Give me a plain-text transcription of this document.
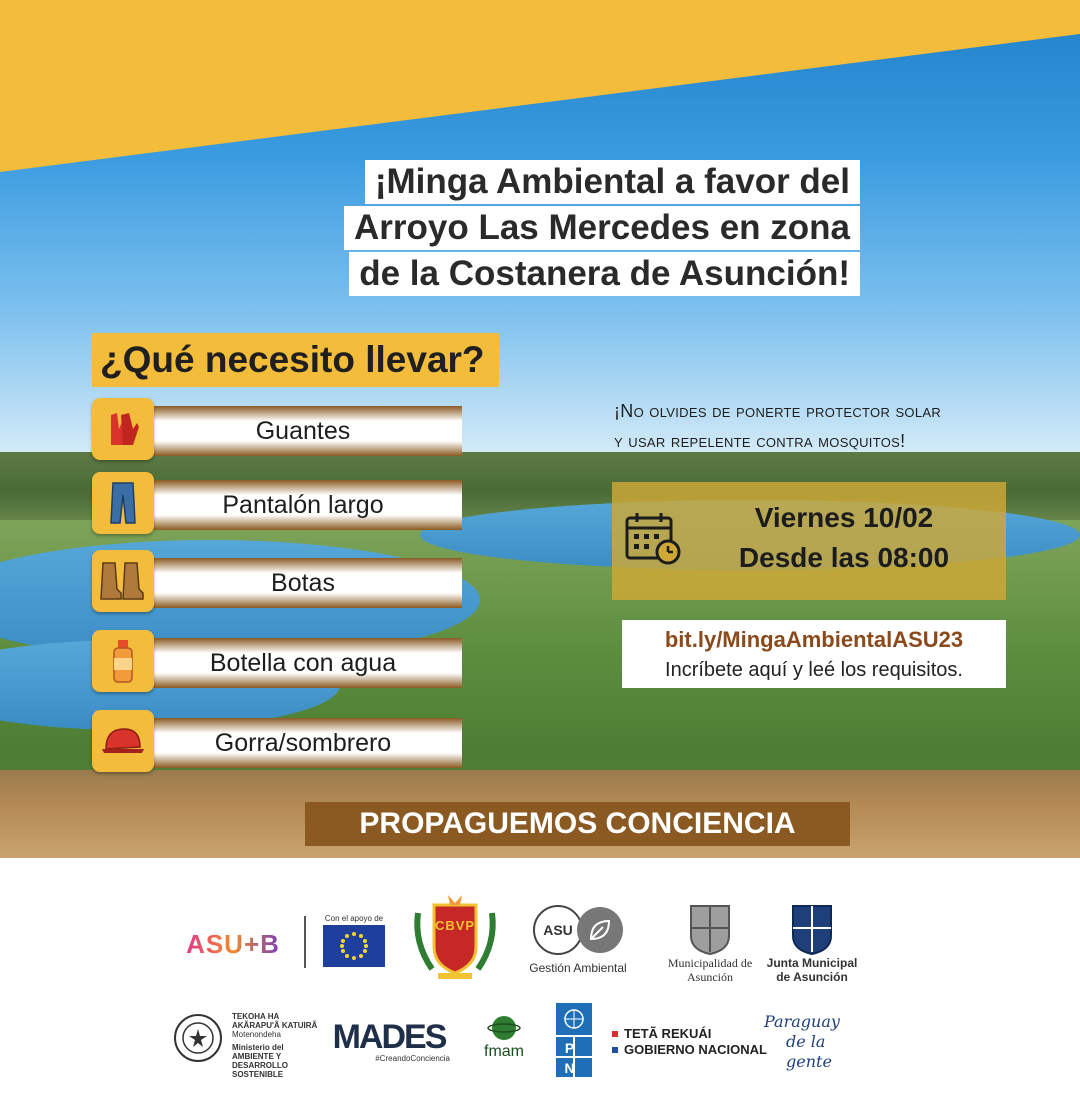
¡Minga Ambiental a favor del
Arroyo Las Mercedes en zona
de la Costanera de Asunción!
¿Qué necesito llevar?
Guantes
Pantalón largo
Botas
Botella con agua
Gorra/sombrero
¡No olvides de ponerte protector solar
y usar repelente contra mosquitos!
Viernes 10/02
Desde las 08:00
bit.ly/MingaAmbientalASU23
Incríbete aquí y leé los requisitos.
PROPAGUEMOS CONCIENCIA
ASU+B
Con el apoyo de	CBVP	ASU
Gestión Ambiental	Municipalidad de Asunción
Junta Municipal de Asunción
TEKOHA HA AKÃRAPU'Ã KATUIRÃ
Motenondeha
Ministerio del AMBIENTE Y DESARROLLO SOSTENIBLE
MADES
#CreandoConciencia fmam	PNUD
TETÃ REKUÁI
GOBIERNO NACIONAL
Paraguay
de la gente
